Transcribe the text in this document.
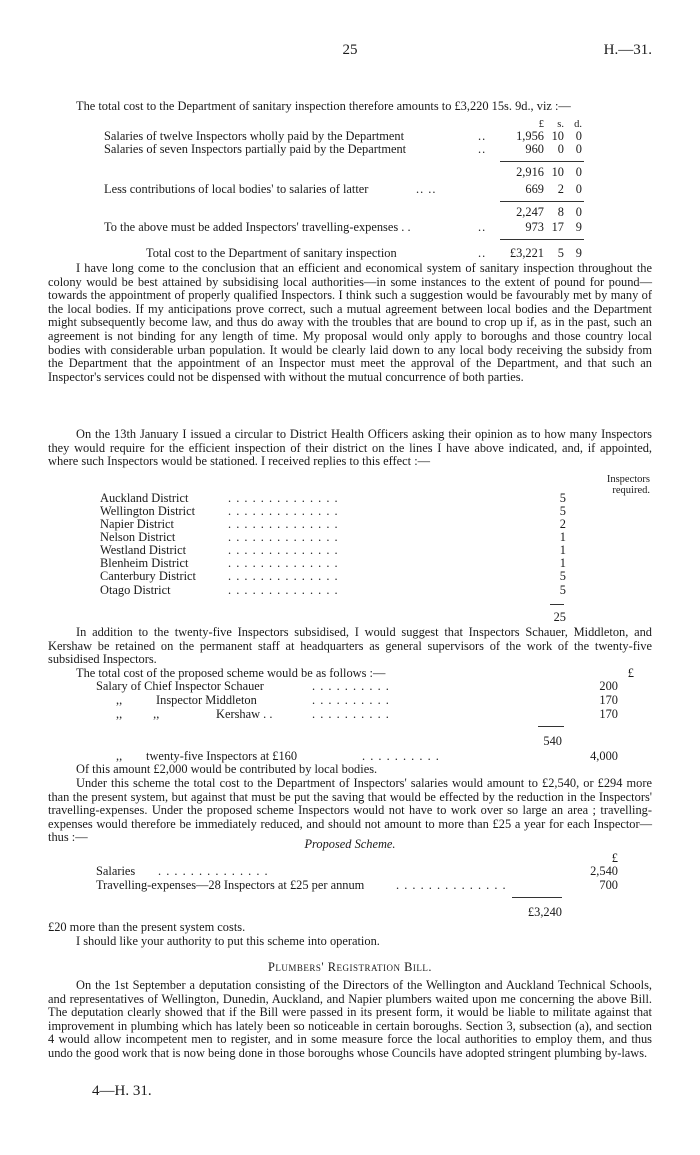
25	H.—31.
The total cost to the Department of sanitary inspection therefore amounts to £3,220 15s. 9d., viz :—
£	s. d.
Salaries of twelve Inspectors wholly paid by the Department	..	1,956 10 0
Salaries of seven Inspectors partially paid by the Department	..	960	0 0
2,916 10 0
Less contributions of local bodies' to salaries of latter	.. ..	669	2 0
2,247	8 0
To the above must be added Inspectors' travelling-expenses . .	..	973 17 9
Total cost to the Department of sanitary inspection	..	£3,221	5 9
I have long come to the conclusion that an efficient and economical system of sanitary inspection throughout the colony would be best attained by subsidising local authorities—in some instances to the extent of pound for pound—towards the appointment of properly qualified Inspectors. I think such a suggestion would be favourably met by many of the local bodies. If my anticipations prove correct, such a mutual agreement between local bodies and the Department might subsequently become law, and thus do away with the troubles that are bound to crop up if, as in the past, such an agreement is not binding for any length of time. My proposal would only apply to boroughs and those country local bodies with considerable urban population. It would be clearly laid down to any local body receiving the subsidy from the Department that the appointment of an Inspector must meet the approval of the Department, and that such an Inspector's services could not be dispensed with without the mutual concurrence of both parties.
On the 13th January I issued a circular to District Health Officers asking their opinion as to how many Inspectors they would require for the efficient inspection of their district on the lines I have above indicated, and, if appointed, where such Inspectors would be stationed. I received replies to this effect :—
Inspectors
required.
Auckland District	. . . . . . . . . . . . . .	5
Wellington District	. . . . . . . . . . . . . .	5
Napier District	. . . . . . . . . . . . . .	2
Nelson District	. . . . . . . . . . . . . .	1
Westland District	. . . . . . . . . . . . . .	1
Blenheim District	. . . . . . . . . . . . . .	1
Canterbury District	. . . . . . . . . . . . . .	5
Otago District	. . . . . . . . . . . . . .	5
25
In addition to the twenty-five Inspectors subsidised, I would suggest that Inspectors Schauer, Middleton, and Kershaw be retained on the permanent staff at headquarters as general supervisors of the work of the twenty-five subsidised Inspectors.
The total cost of the proposed scheme would be as follows :—	£
Salary of Chief Inspector Schauer	. . . . . . . . . .	200
,,	Inspector Middleton	. . . . . . . . . .	170
,,          ,,	Kershaw . .	. . . . . . . . . .	170
540
,, twenty-five Inspectors at £160	. . . . . . . . . .	4,000
Of this amount £2,000 would be contributed by local bodies.
Under this scheme the total cost to the Department of Inspectors' salaries would amount to £2,540, or £294 more than the present system, but against that must be put the saving that would be effected by the reduction in the Inspectors' travelling-expenses. Under the proposed scheme Inspectors would not have to work over so large an area ; travelling-expenses would therefore be immediately reduced, and should not amount to more than £25 a year for each Inspector—thus :—	Proposed Scheme.
£
Salaries . . . . . . . . . . . . . .	2,540
Travelling-expenses—28 Inspectors at £25 per annum	. . . . . . . . . . . . . .	700
£3,240
£20 more than the present system costs.
I should like your authority to put this scheme into operation.
Plumbers' Registration Bill.
On the 1st September a deputation consisting of the Directors of the Wellington and Auckland Technical Schools, and representatives of Wellington, Dunedin, Auckland, and Napier plumbers waited upon me concerning the above Bill. The deputation clearly showed that if the Bill were passed in its present form, it would be liable to militate against that improvement in plumbing which has lately been so noticeable in certain boroughs. Section 3, subsection (a), and section 4 would allow incompetent men to register, and in some measure force the local authorities to employ them, and thus undo the good work that is now being done in those boroughs whose Councils have adopted stringent plumbing by-laws.
4—H. 31.
